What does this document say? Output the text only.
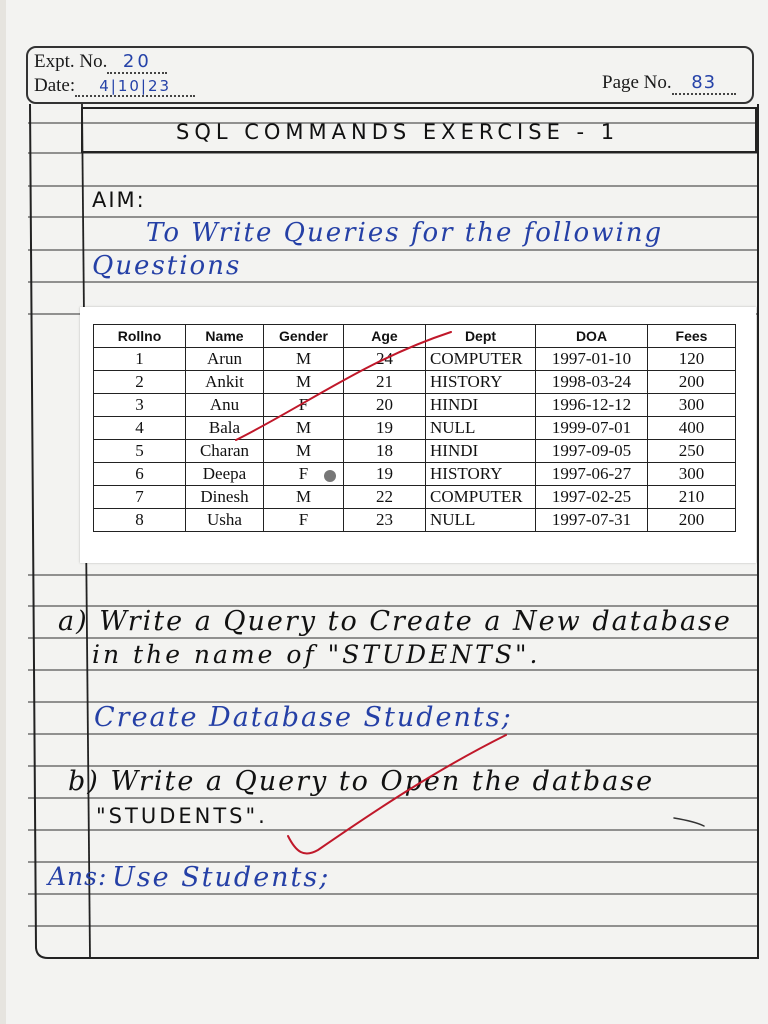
Expt. No. 20
Date: 4|10|23	Page No. 83
SQL COMMANDS EXERCISE - 1
AIM:
To Write Queries for the following
Questions
Rollno	Name	Gender	Age	Dept	DOA	Fees
1	Arun	M	24	COMPUTER	1997-01-10	120
2	Ankit	M	21	HISTORY	1998-03-24	200
3	Anu	F	20	HINDI	1996-12-12	300
4	Bala	M	19	NULL	1999-07-01	400
5	Charan	M	18	HINDI	1997-09-05	250
6	Deepa	F	19	HISTORY	1997-06-27	300
7	Dinesh	M	22	COMPUTER	1997-02-25	210
8	Usha	F	23	NULL	1997-07-31	200
a) Write a Query to Create a New database
in the name of "STUDENTS".
Create Database Students;
b) Write a Query to Open the datbase
"STUDENTS".
Ans: Use Students;
